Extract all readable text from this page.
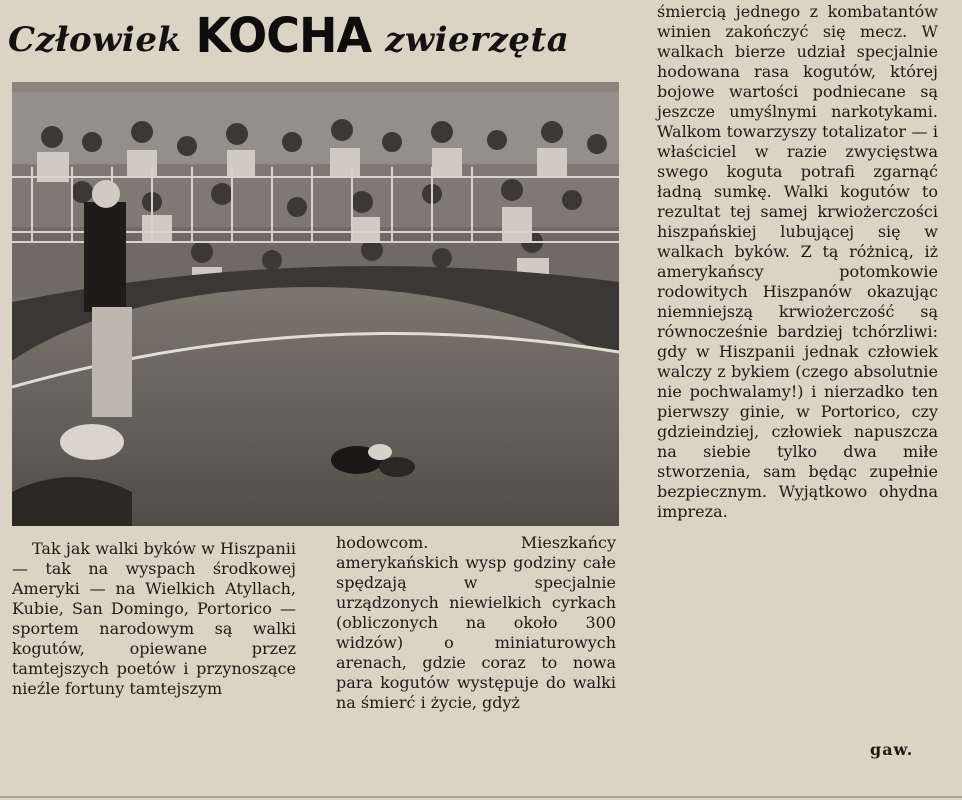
Człowiek KOCHA zwierzęta

Tak jak walki byków w Hiszpanii — tak na wyspach środkowej Ameryki — na Wielkich Atyllach, Kubie, San Domingo, Portorico — sportem narodowym są walki kogutów, opiewane przez tamtejszych poetów i przynoszące nieźle fortuny tamtejszym

hodowcom. Mieszkańcy amerykańskich wysp godziny całe spędzają w specjalnie urządzonych niewielkich cyrkach (obliczonych na około 300 widzów) o miniaturowych arenach, gdzie coraz to nowa para kogutów występuje do walki na śmierć i życie, gdyż

śmiercią jednego z kombatantów winien zakończyć się mecz. W walkach bierze udział specjalnie hodowana rasa kogutów, której bojowe wartości podniecane są jeszcze umyślnymi narkotykami. Walkom towarzyszy totalizator — i właściciel w razie zwycięstwa swego koguta potrafi zgarnąć ładną sumkę. Walki kogutów to rezultat tej samej krwiożerczości hiszpańskiej lubującej się w walkach byków. Z tą różnicą, iż amerykańscy potomkowie rodowitych Hiszpanów okazując niemniejszą krwiożerczość są równocześnie bardziej tchórzliwi: gdy w Hiszpanii jednak człowiek walczy z bykiem (czego absolutnie nie pochwalamy!) i nierzadko ten pierwszy ginie, w Portorico, czy gdzieindziej, człowiek napuszcza na siebie tylko dwa miłe stworzenia, sam będąc zupełnie bezpiecznym. Wyjątkowo ohydna impreza.

gaw.
